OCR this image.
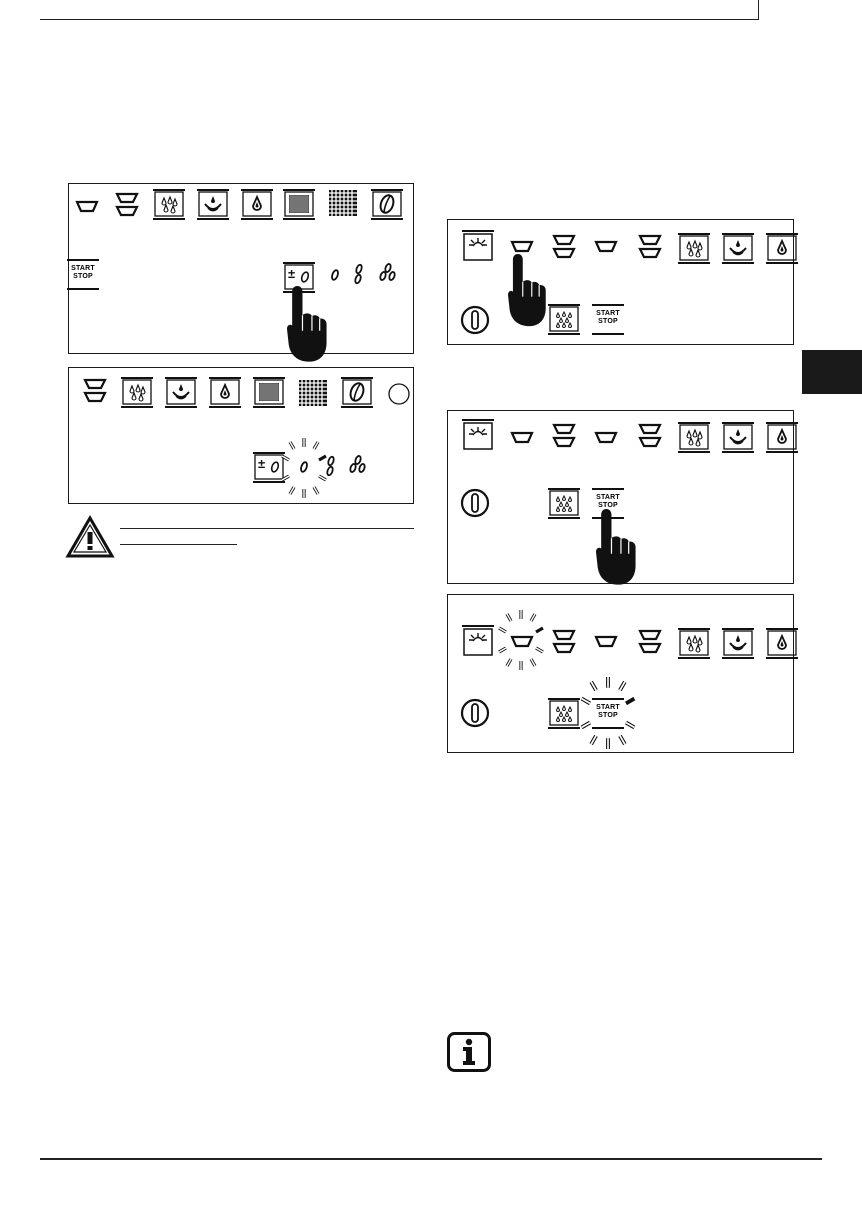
±
START
STOP
START
STOP
START
STOP
START
STOP
